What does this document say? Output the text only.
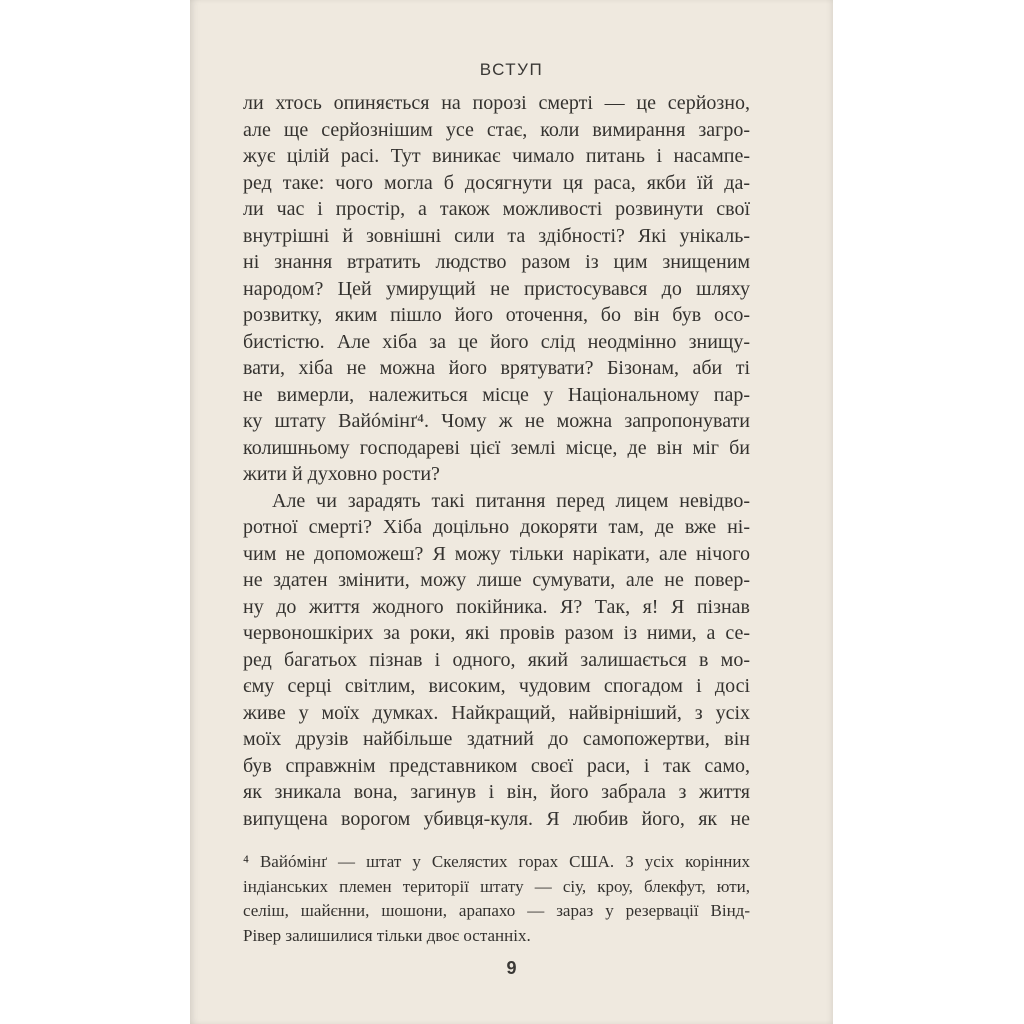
ВСТУП
ли хтось опиняється на порозі смерті — це серйозно,
але ще серйознішим усе стає, коли вимирання загро-
жує цілій расі. Тут виникає чимало питань і насампе-
ред таке: чого могла б досягнути ця раса, якби їй да-
ли час і простір, а також можливості розвинути свої
внутрішні й зовнішні сили та здібності? Які унікаль-
ні знання втратить людство разом із цим знищеним
народом? Цей умирущий не пристосувався до шляху
розвитку, яким пішло його оточення, бо він був осо-
бистістю. Але хіба за це його слід неодмінно знищу-
вати, хіба не можна його врятувати? Бізонам, аби ті
не вимерли, належиться місце у Національному пар-
ку штату Вайóмінґ⁴. Чому ж не можна запропонувати
колишньому господареві цієї землі місце, де він міг би
жити й духовно рости?
Але чи зарадять такі питання перед лицем невідво-
ротної смерті? Хіба доцільно докоряти там, де вже ні-
чим не допоможеш? Я можу тільки нарікати, але нічого
не здатен змінити, можу лише сумувати, але не повер-
ну до життя жодного покійника. Я? Так, я! Я пізнав
червоношкірих за роки, які провів разом із ними, а се-
ред багатьох пізнав і одного, який залишається в мо-
єму серці світлим, високим, чудовим спогадом і досі
живе у моїх думках. Найкращий, найвірніший, з усіх
моїх друзів найбільше здатний до самопожертви, він
був справжнім представником своєї раси, і так само,
як зникала вона, загинув і він, його забрала з життя
випущена ворогом убивця-куля. Я любив його, як не
⁴ Вайóмінґ — штат у Скелястих горах США. З усіх корінних
індіанських племен території штату — сіу, кроу, блекфут, юти,
селіш, шайєнни, шошони, арапахо — зараз у резервації Вінд-
Рівер залишилися тільки двоє останніх.
9
